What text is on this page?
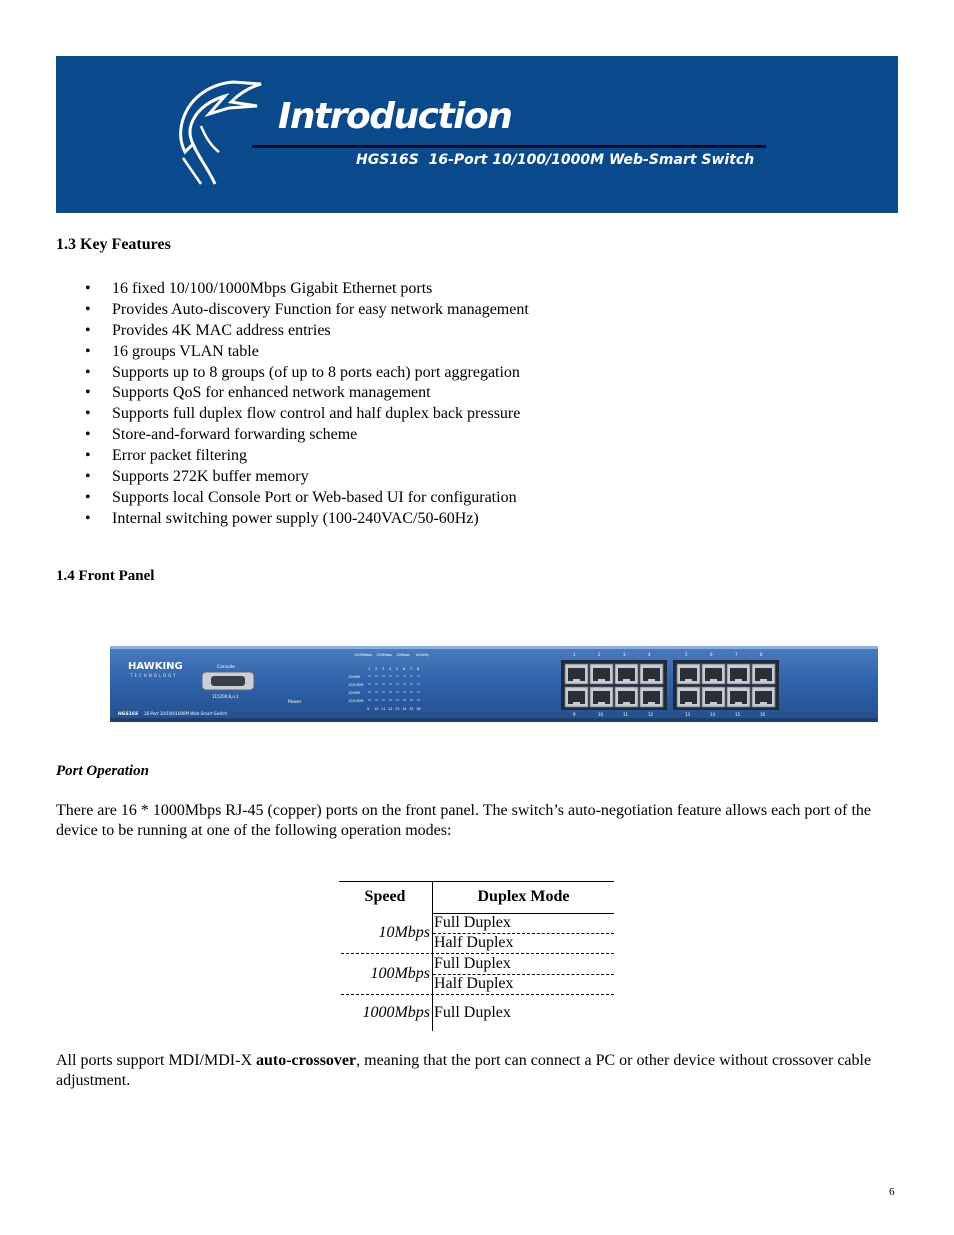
Introduction
HGS16S  16-Port 10/100/1000M Web-Smart Switch
1.3 Key Features
• 16 fixed 10/100/1000Mbps Gigabit Ethernet ports
• Provides Auto-discovery Function for easy network management
• Provides 4K MAC address entries
• 16 groups VLAN table
• Supports up to 8 groups (of up to 8 ports each) port aggregation
• Supports QoS for enhanced network management
• Supports full duplex flow control and half duplex back pressure
• Store-and-forward forwarding scheme
• Error packet filtering
• Supports 272K buffer memory
• Supports local Console Port or Web-based UI for configuration
• Internal switching power supply (100-240VAC/50-60Hz)
1.4 Front Panel
HAWKING
TECHNOLOGY
Console
115200,8,n,1
Power
HGS16S 16-Port 10/100/1000M Web-Smart Switch
1000Mbps 100Mbps 10Mbps Activity
1000M
10/100M
1000M
10/100M
1 2 3 4 5 6 7 8
9 10 11 12 13 14 15 16
1
9
2
10
3
11
4
12
5
13
6
14
7
15
8
16
Port Operation
There are 16 * 1000Mbps RJ-45 (copper) ports on the front panel. The switch’s auto-negotiation feature allows each port of the device to be running at one of the following operation modes:
Speed	Duplex Mode
10Mbps
Full Duplex
Half Duplex
100Mbps
Full Duplex
Half Duplex
1000Mbps Full Duplex
All ports support MDI/MDI-X auto-crossover, meaning that the port can connect a PC or other device without crossover cable adjustment.
6
